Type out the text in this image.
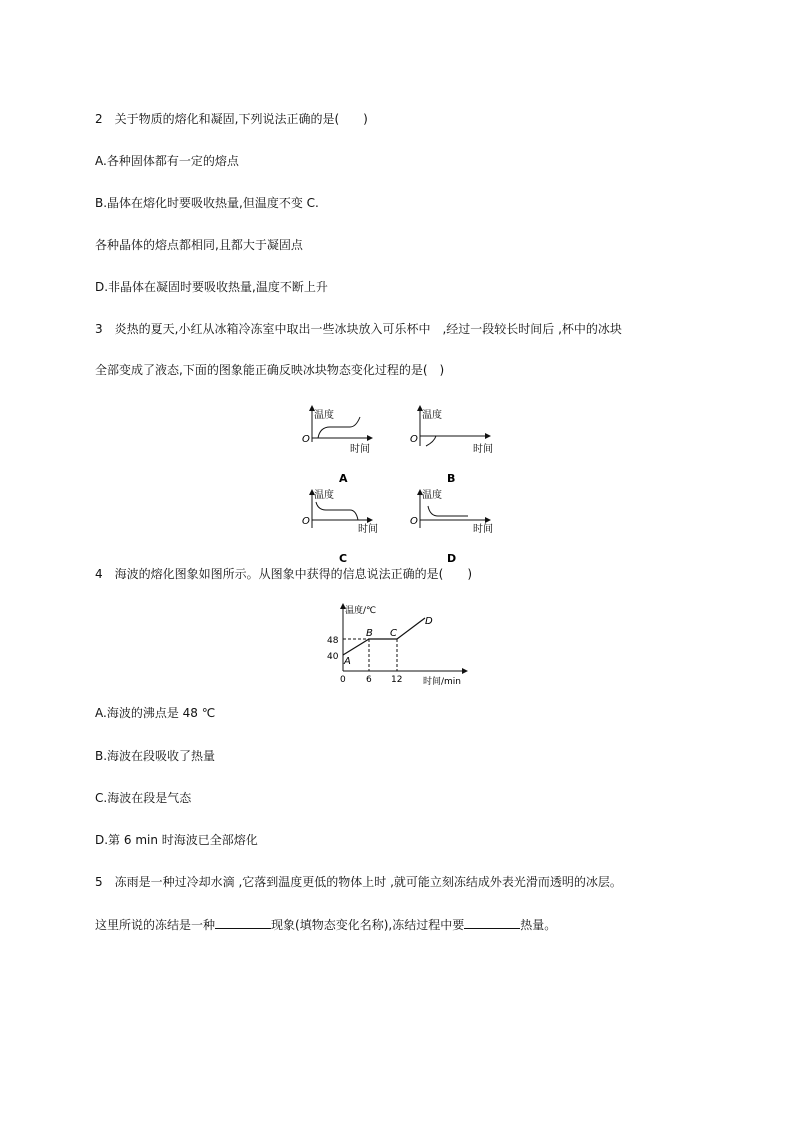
2　关于物质的熔化和凝固,下列说法正确的是(　　)
A.各种固体都有一定的熔点
B.晶体在熔化时要吸收热量,但温度不变 C.
各种晶体的熔点都相同,且都大于凝固点
D.非晶体在凝固时要吸收热量,温度不断上升
3　炎热的夏天,小红从冰箱冷冻室中取出一些冰块放入可乐杯中　,经过一段较长时间后 ,杯中的冰块
全部变成了液态,下面的图象能正确反映冰块物态变化过程的是(　)
温度
O
时间
A
温度
O
时间
B
温度
O
时间
C
温度
O
时间
D
4　海波的熔化图象如图所示。从图象中获得的信息说法正确的是(　　)
温度/℃
48
40
0 6 12 时间/min
A
B C
D
A.海波的沸点是 48 ℃
B.海波在段吸收了热量
C.海波在段是气态
D.第 6 min 时海波已全部熔化
5　冻雨是一种过冷却水滴 ,它落到温度更低的物体上时 ,就可能立刻冻结成外表光滑而透明的冰层。
这里所说的冻结是一种	现象(填物态变化名称),冻结过程中要	热量。
